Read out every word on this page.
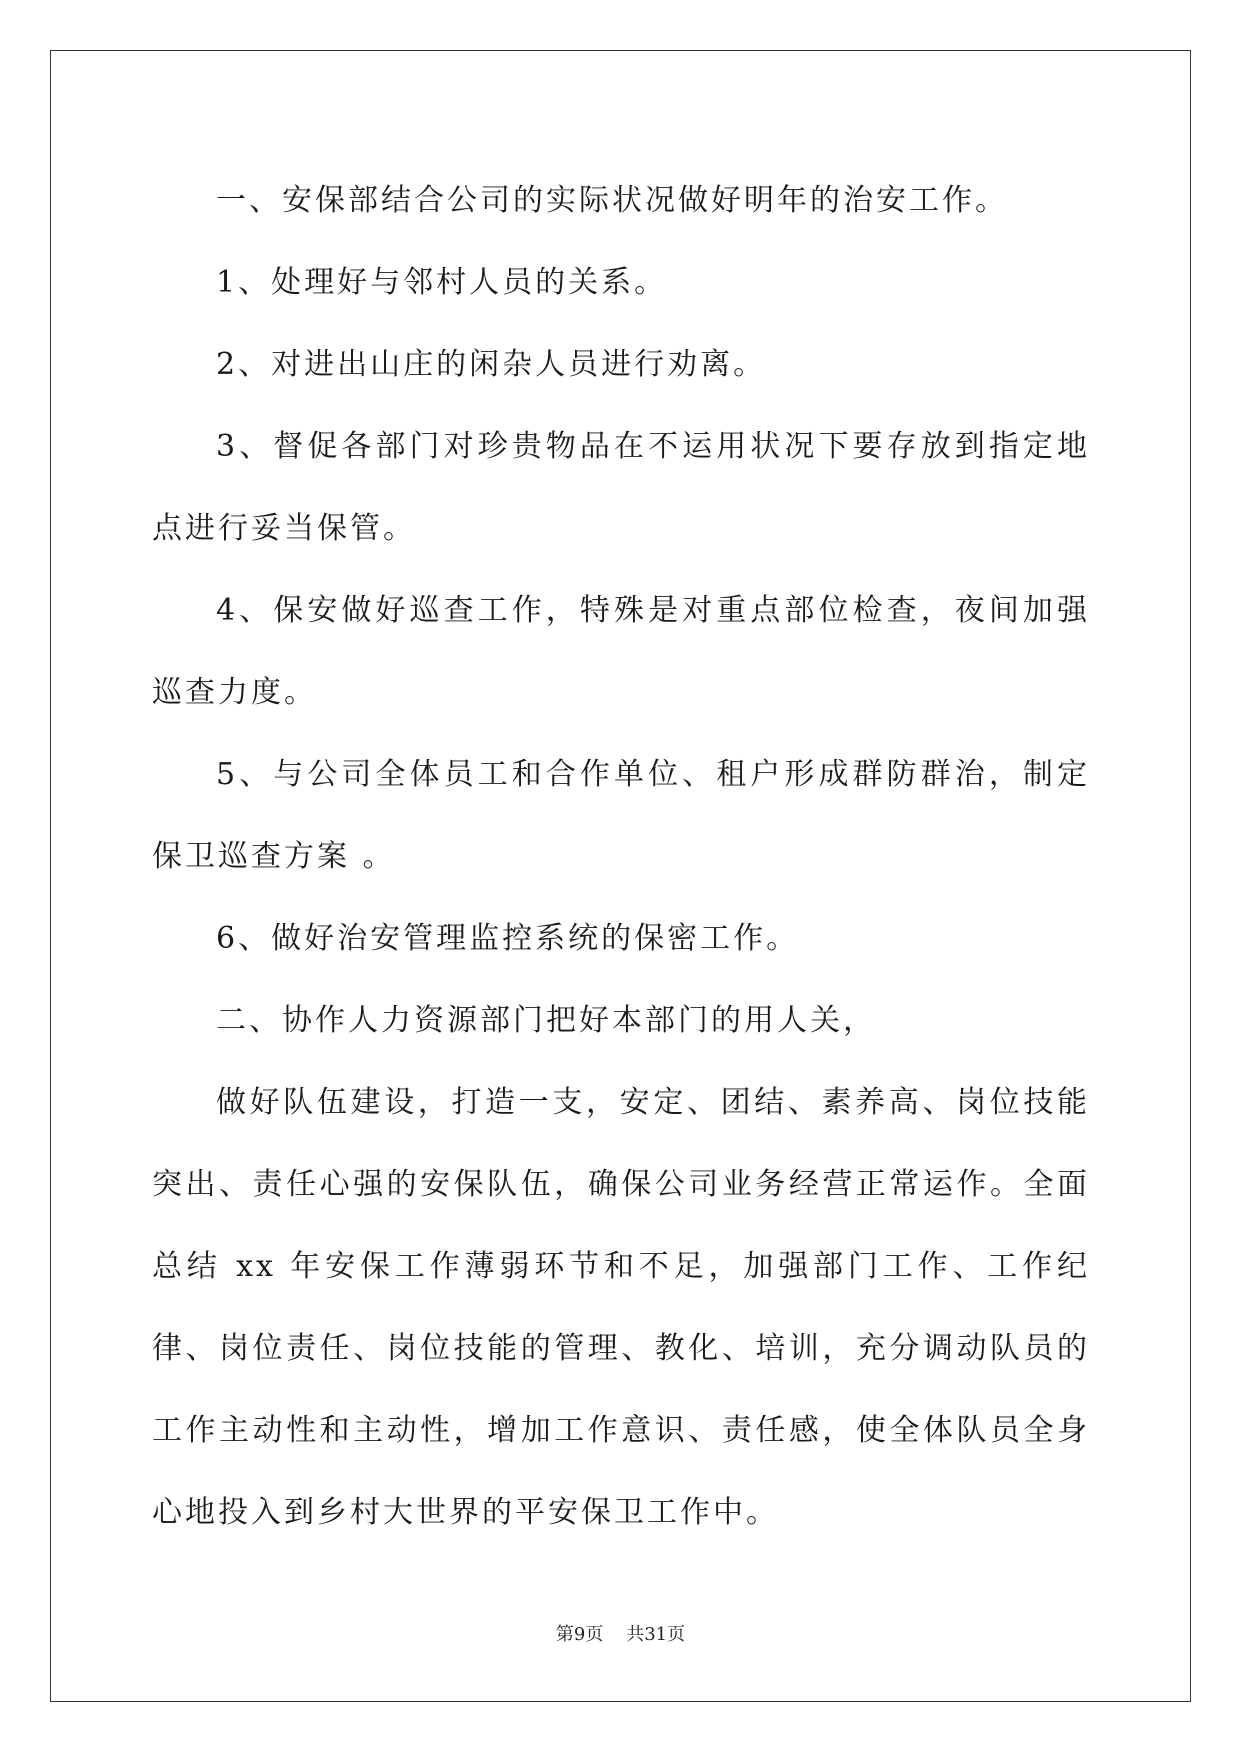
一、安保部结合公司的实际状况做好明年的治安工作。

1、处理好与邻村人员的关系。

2、对进出山庄的闲杂人员进行劝离。

3、督促各部门对珍贵物品在不运用状况下要存放到指定地点进行妥当保管。

4、保安做好巡查工作，特殊是对重点部位检查，夜间加强巡查力度。

5、与公司全体员工和合作单位、租户形成群防群治，制定保卫巡查方案 。

6、做好治安管理监控系统的保密工作。

二、协作人力资源部门把好本部门的用人关，

做好队伍建设，打造一支，安定、团结、素养高、岗位技能突出、责任心强的安保队伍，确保公司业务经营正常运作。全面总结 xx 年安保工作薄弱环节和不足，加强部门工作、工作纪律、岗位责任、岗位技能的管理、教化、培训，充分调动队员的工作主动性和主动性，增加工作意识、责任感，使全体队员全身心地投入到乡村大世界的平安保卫工作中。

第9页 共31页
